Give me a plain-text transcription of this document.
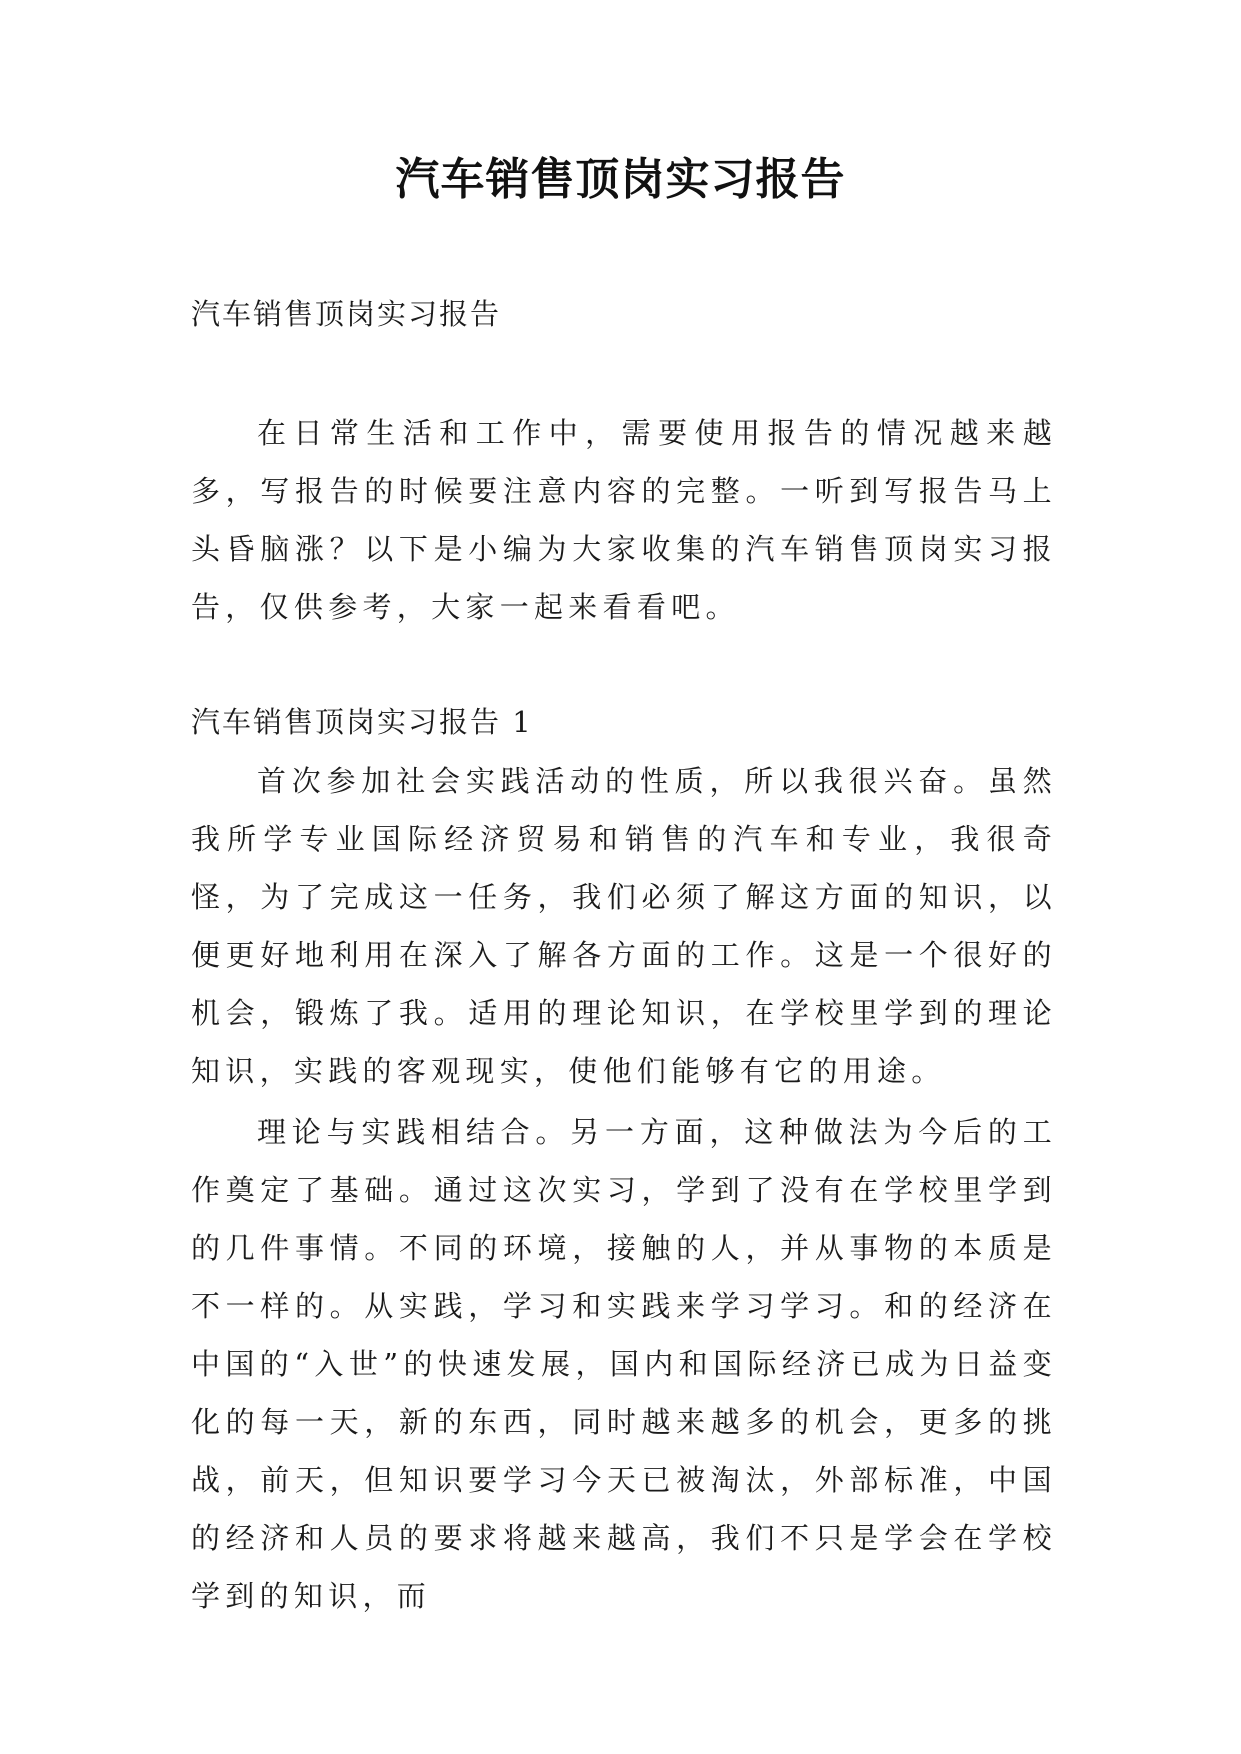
汽车销售顶岗实习报告

汽车销售顶岗实习报告

在日常生活和工作中，需要使用报告的情况越来越多，写报告的时候要注意内容的完整。一听到写报告马上头昏脑涨？以下是小编为大家收集的汽车销售顶岗实习报告，仅供参考，大家一起来看看吧。

汽车销售顶岗实习报告 1

首次参加社会实践活动的性质，所以我很兴奋。虽然我所学专业国际经济贸易和销售的汽车和专业，我很奇怪，为了完成这一任务，我们必须了解这方面的知识，以便更好地利用在深入了解各方面的工作。这是一个很好的机会，锻炼了我。适用的理论知识，在学校里学到的理论知识，实践的客观现实，使他们能够有它的用途。

理论与实践相结合。另一方面，这种做法为今后的工作奠定了基础。通过这次实习，学到了没有在学校里学到的几件事情。不同的环境，接触的人，并从事物的本质是不一样的。从实践，学习和实践来学习学习。和的经济在中国的“入世”的快速发展，国内和国际经济已成为日益变化的每一天，新的东西，同时越来越多的机会，更多的挑战，前天，但知识要学习今天已被淘汰，外部标准，中国的经济和人员的要求将越来越高，我们不只是学会在学校学到的知识，而
